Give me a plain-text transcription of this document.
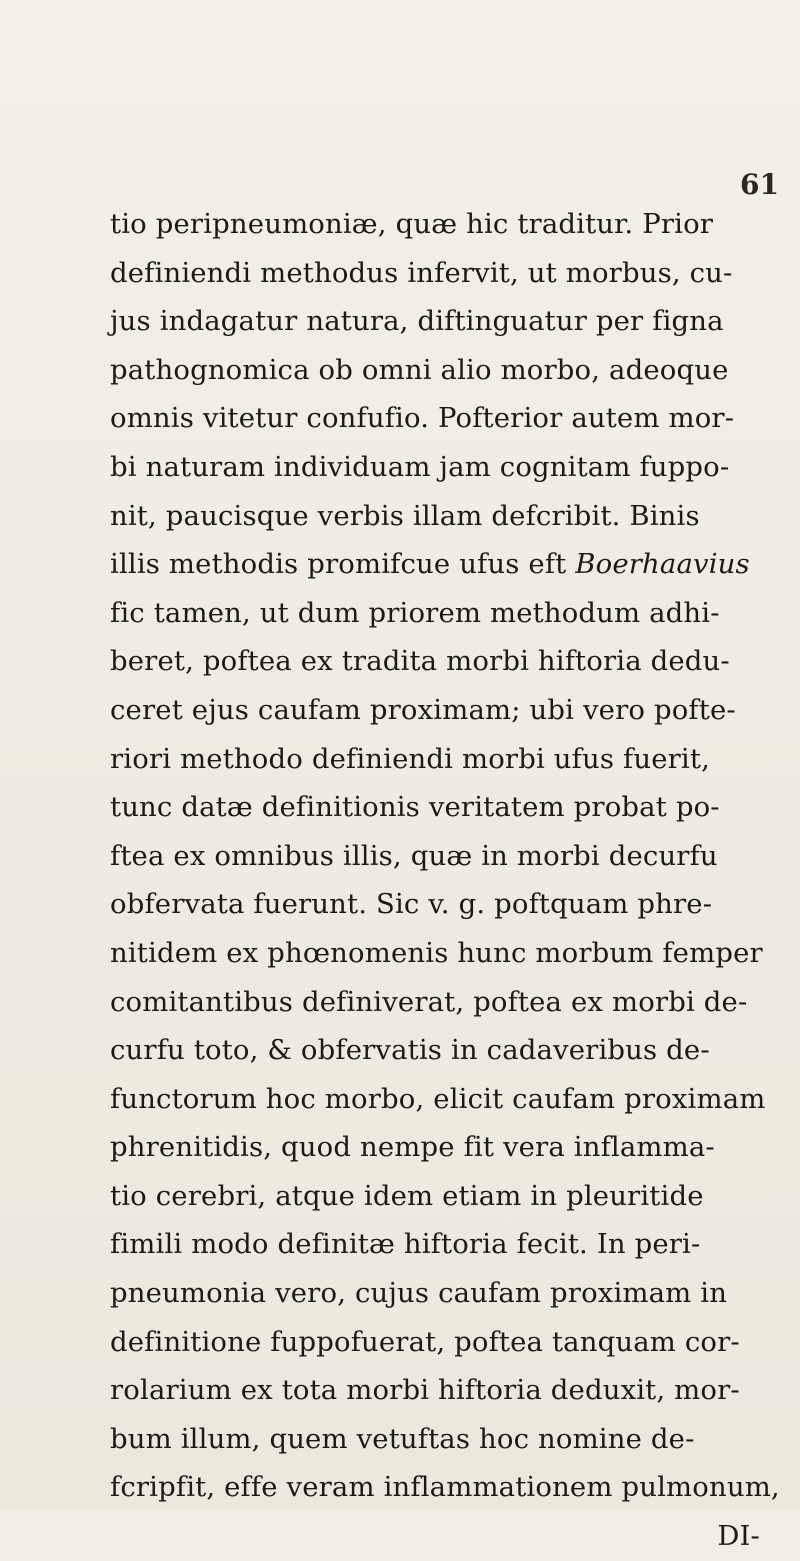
61
tio peripneumoniæ, quæ hic traditur. Prior
definiendi methodus infervit, ut morbus, cu-
jus indagatur natura, diftinguatur per figna
pathognomica ob omni alio morbo, adeoque
omnis vitetur confufio. Pofterior autem mor-
bi naturam individuam jam cognitam fuppo-
nit, paucisque verbis illam defcribit. Binis
illis methodis promifcue ufus eft Boerhaavius
fic tamen, ut dum priorem methodum adhi-
beret, poftea ex tradita morbi hiftoria dedu-
ceret ejus caufam proximam; ubi vero pofte-
riori methodo definiendi morbi ufus fuerit,
tunc datæ definitionis veritatem probat po-
ftea ex omnibus illis, quæ in morbi decurfu
obfervata fuerunt. Sic v. g. poftquam phre-
nitidem ex phœnomenis hunc morbum femper
comitantibus definiverat, poftea ex morbi de-
curfu toto, & obfervatis in cadaveribus de-
functorum hoc morbo, elicit caufam proximam
phrenitidis, quod nempe fit vera inflamma-
tio cerebri, atque idem etiam in pleuritide
fimili modo definitæ hiftoria fecit. In peri-
pneumonia vero, cujus caufam proximam in
definitione fuppofuerat, poftea tanquam cor-
rolarium ex tota morbi hiftoria deduxit, mor-
bum illum, quem vetuftas hoc nomine de-
fcripfit, effe veram inflammationem pulmonum,
DI-
